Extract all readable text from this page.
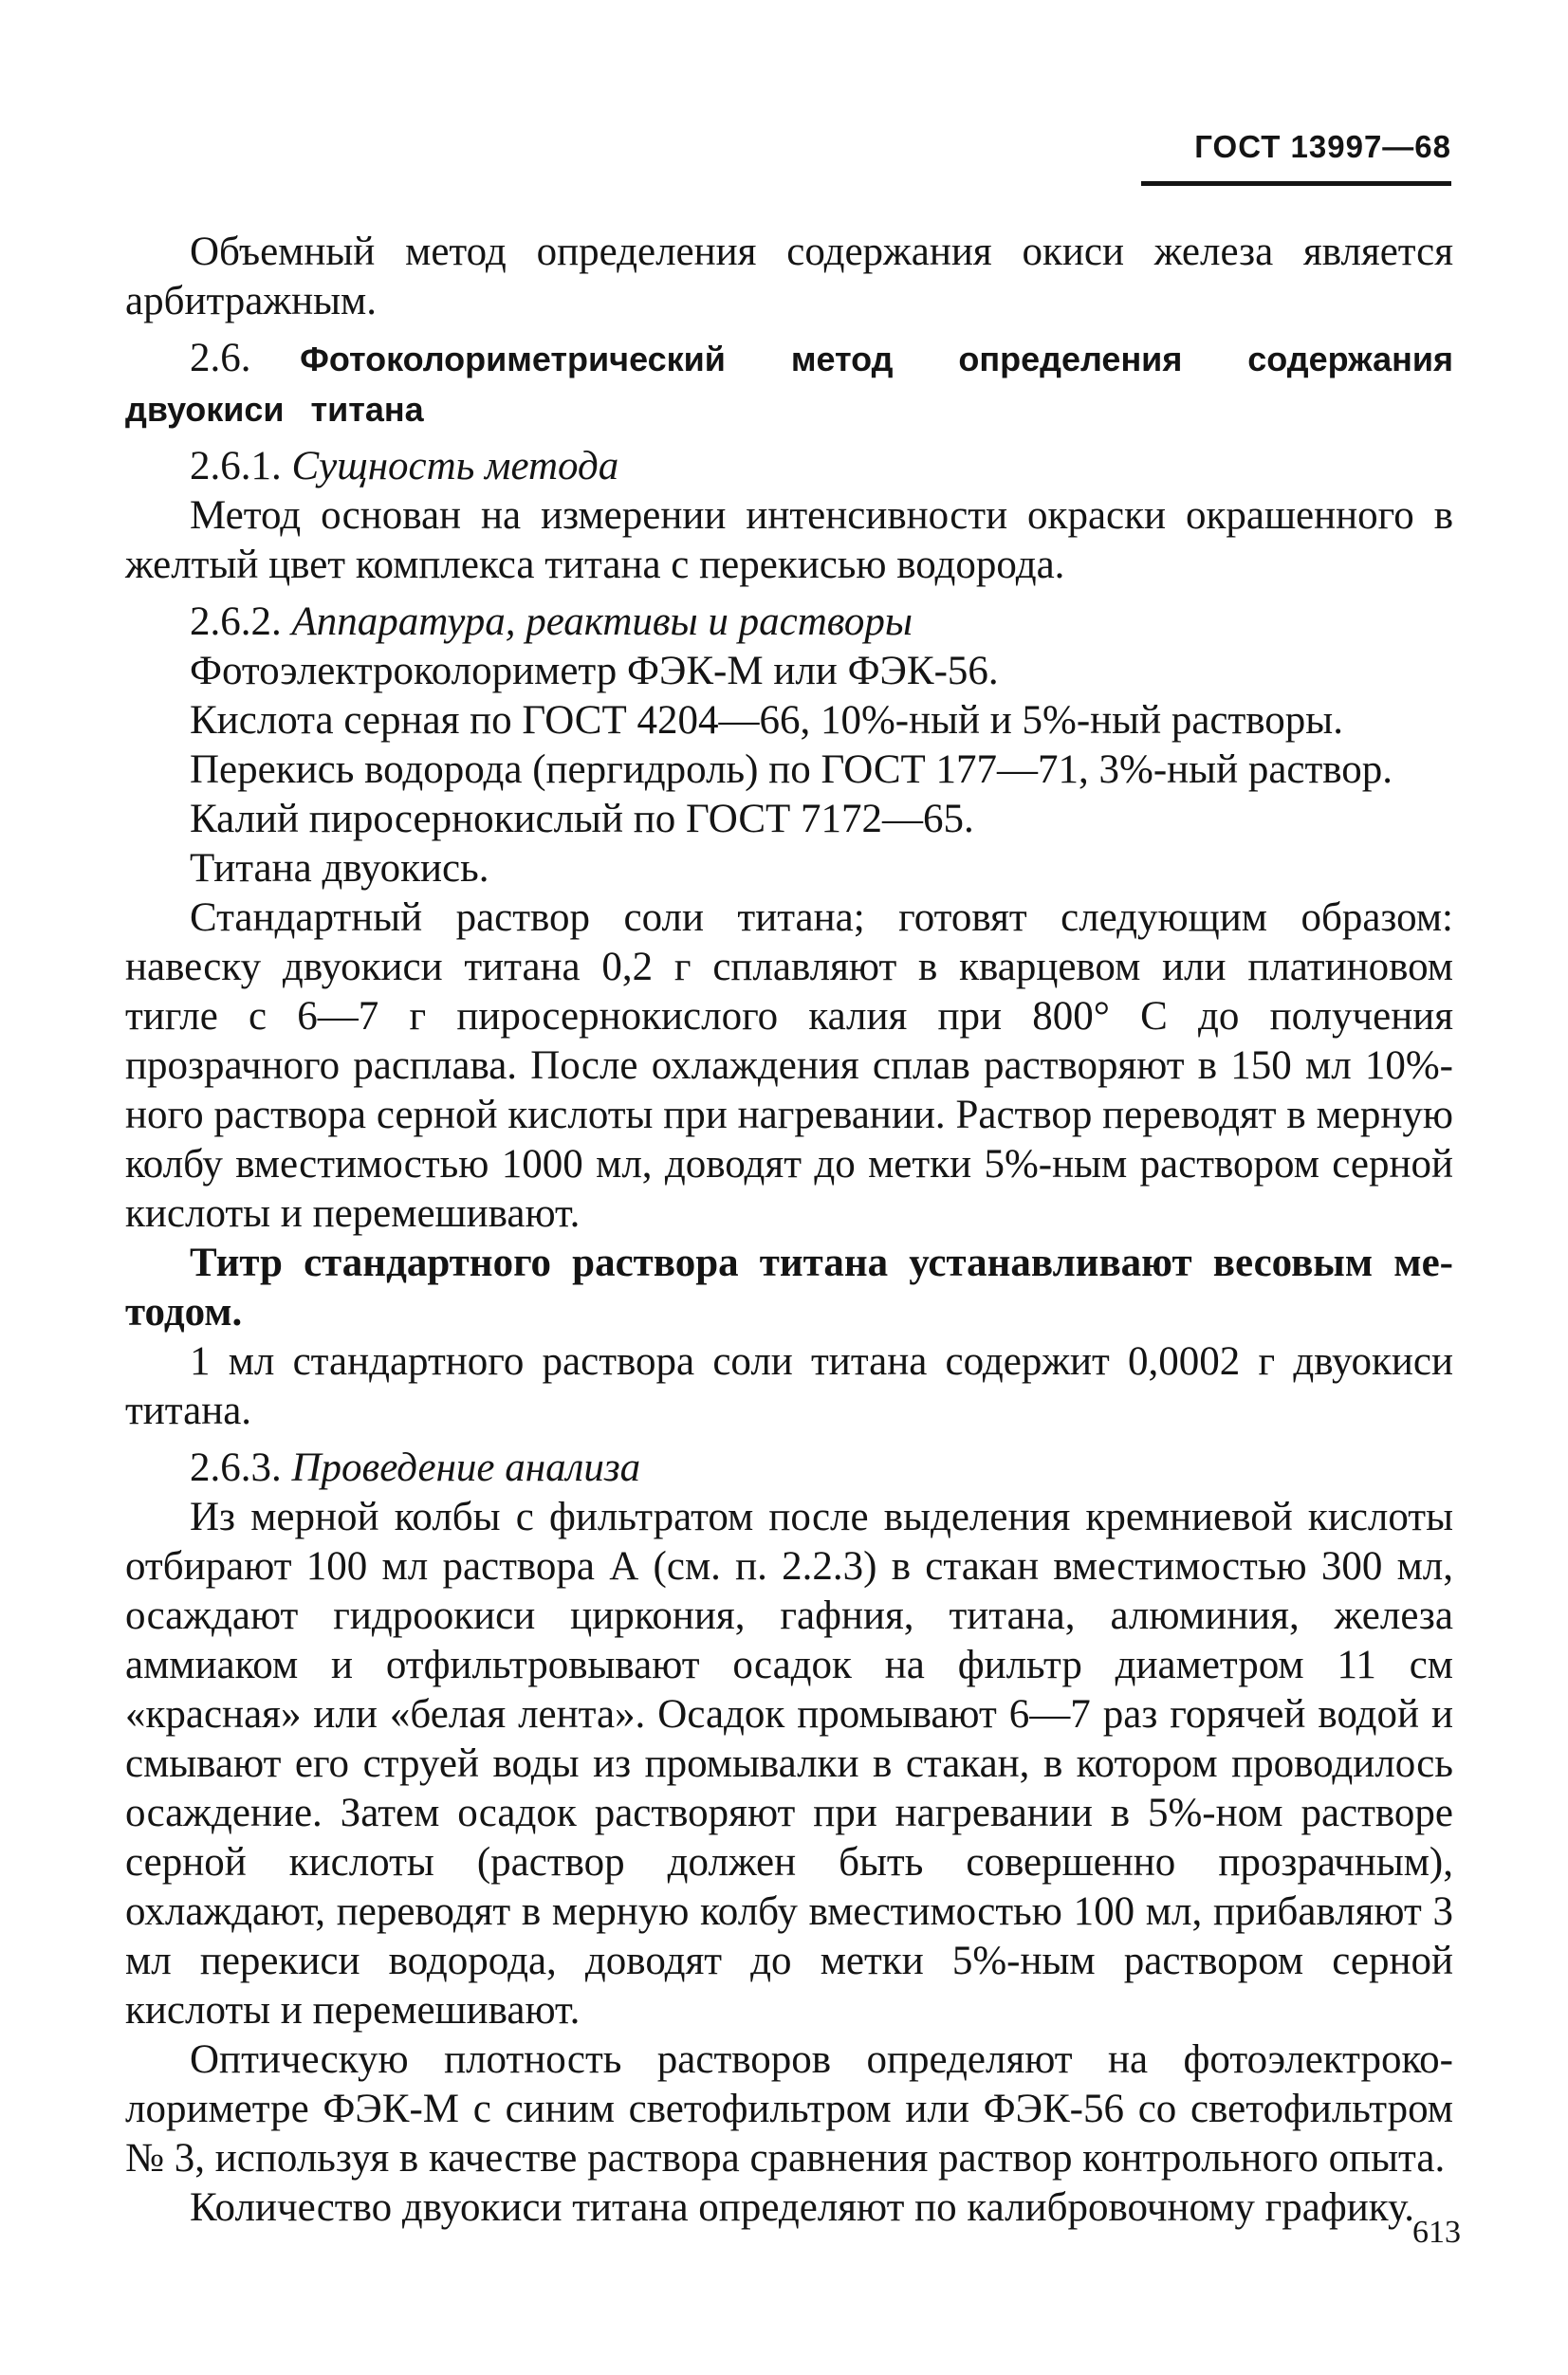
ГОСТ 13997—68

Объемный метод определения содержания окиси железа является арбитражным.

2.6. Фотоколориметрический метод определения содержания двуокиси титана

2.6.1. Сущность метода

Метод основан на измерении интенсивности окраски окрашенного в желтый цвет комплекса титана с перекисью водорода.

2.6.2. Аппаратура, реактивы и растворы

Фотоэлектроколориметр ФЭК-М или ФЭК-56.

Кислота серная по ГОСТ 4204—66, 10%-ный и 5%-ный растворы.

Перекись водорода (пергидроль) по ГОСТ 177—71, 3%-ный раствор.

Калий пиросернокислый по ГОСТ 7172—65.

Титана двуокись.

Стандартный раствор соли титана; готовят следующим образом: навеску двуокиси титана 0,2 г сплавляют в кварцевом или платиновом тигле с 6—7 г пиросернокислого калия при 800° С до получения прозрачного расплава. После охлаждения сплав растворяют в 150 мл 10%-ного раствора серной кислоты при нагревании. Раствор переводят в мерную колбу вместимостью 1000 мл, доводят до метки 5%-ным раствором серной кислоты и перемешивают.

Титр стандартного раствора титана устанавливают весовым методом.

1 мл стандартного раствора соли титана содержит 0,0002 г двуокиси титана.

2.6.3. Проведение анализа

Из мерной колбы с фильтратом после выделения кремниевой кислоты отбирают 100 мл раствора А (см. п. 2.2.3) в стакан вместимостью 300 мл, осаждают гидроокиси циркония, гафния, титана, алюминия, железа аммиаком и отфильтровывают осадок на фильтр диаметром 11 см «красная» или «белая лента». Осадок промывают 6—7 раз горячей водой и смывают его струей воды из промывалки в стакан, в котором проводилось осаждение. Затем осадок растворяют при нагревании в 5%-ном растворе серной кислоты (раствор должен быть совершенно прозрачным), охлаждают, переводят в мерную колбу вместимостью 100 мл, прибавляют 3 мл перекиси водорода, доводят до метки 5%-ным раствором серной кислоты и перемешивают.

Оптическую плотность растворов определяют на фотоэлектроколориметре ФЭК-М с синим светофильтром или ФЭК-56 со светофильтром № 3, используя в качестве раствора сравнения раствор контрольного опыта.

Количество двуокиси титана определяют по калибровочному графику.

613
